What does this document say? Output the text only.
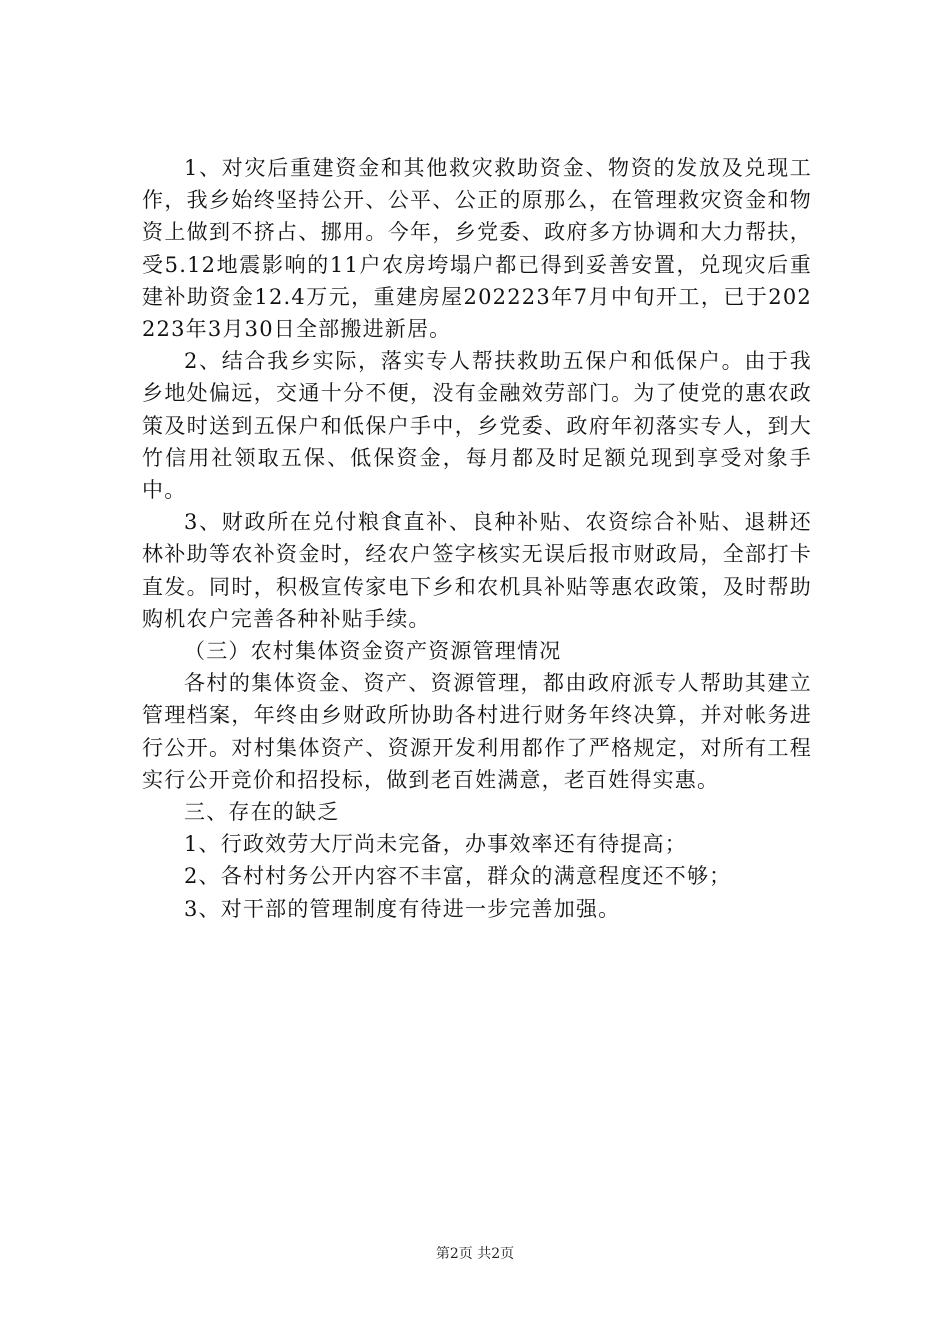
1、对灾后重建资金和其他救灾救助资金、物资的发放及兑现工作，我乡始终坚持公开、公平、公正的原那么，在管理救灾资金和物资上做到不挤占、挪用。今年，乡党委、政府多方协调和大力帮扶，受5.12地震影响的11户农房垮塌户都已得到妥善安置，兑现灾后重建补助资金12.4万元，重建房屋202223年7月中旬开工，已于202223年3月30日全部搬进新居。

2、结合我乡实际，落实专人帮扶救助五保户和低保户。由于我乡地处偏远，交通十分不便，没有金融效劳部门。为了使党的惠农政策及时送到五保户和低保户手中，乡党委、政府年初落实专人，到大竹信用社领取五保、低保资金，每月都及时足额兑现到享受对象手中。

3、财政所在兑付粮食直补、良种补贴、农资综合补贴、退耕还林补助等农补资金时，经农户签字核实无误后报市财政局，全部打卡直发。同时，积极宣传家电下乡和农机具补贴等惠农政策，及时帮助购机农户完善各种补贴手续。

（三）农村集体资金资产资源管理情况

各村的集体资金、资产、资源管理，都由政府派专人帮助其建立管理档案，年终由乡财政所协助各村进行财务年终决算，并对帐务进行公开。对村集体资产、资源开发利用都作了严格规定，对所有工程实行公开竞价和招投标，做到老百姓满意，老百姓得实惠。

三、存在的缺乏

1、行政效劳大厅尚未完备，办事效率还有待提高；

2、各村村务公开内容不丰富，群众的满意程度还不够；

3、对干部的管理制度有待进一步完善加强。

第2页 共2页
